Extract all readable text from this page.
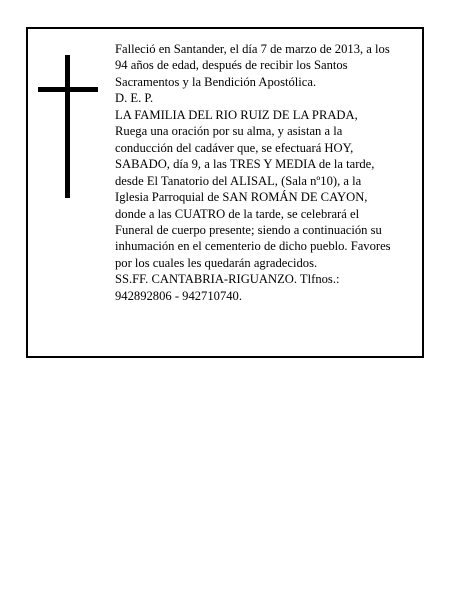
Falleció en Santander, el día 7 de marzo de 2013, a los
94 años de edad, después de recibir los Santos
Sacramentos y la Bendición Apostólica.
D. E. P.
LA FAMILIA DEL RIO RUIZ DE LA PRADA,
Ruega una oración por su alma, y asistan a la
conducción del cadáver que, se efectuará HOY,
SABADO, día 9, a las TRES Y MEDIA de la tarde,
desde El Tanatorio del ALISAL, (Sala nº10), a la
Iglesia Parroquial de SAN ROMÁN DE CAYON,
donde a las CUATRO de la tarde, se celebrará el
Funeral de cuerpo presente; siendo a continuación su
inhumación en el cementerio de dicho pueblo. Favores
por los cuales les quedarán agradecidos.
SS.FF. CANTABRIA-RIGUANZO. Tlfnos.:
942892806 - 942710740.
